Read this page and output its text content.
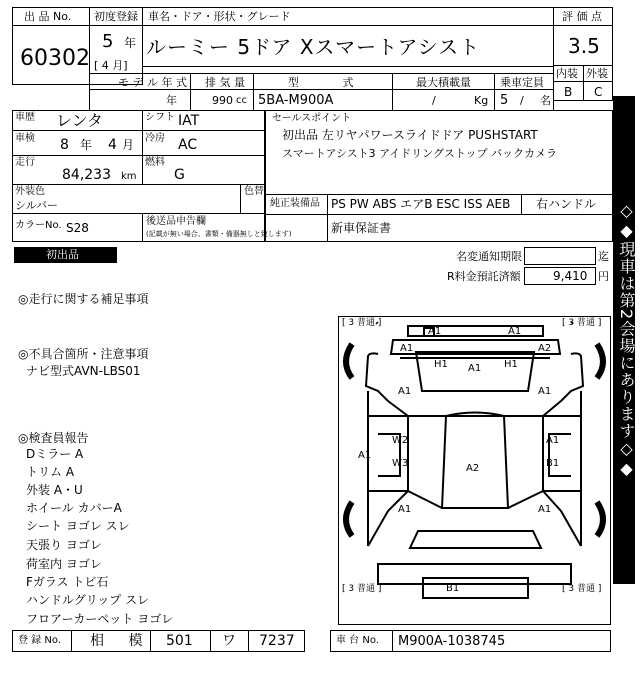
出 品 No.
60302
初度登録
5 年
[ 4 月]
車名・ドア・形状・グレード
ルーミー 5ドア Xスマートアシスト
評 価 点
3.5
内装 外装
B C
モ デ ル 年 式
年
排 気 量
990 cc
型 式
5BA-M900A
最大積載量
/	Kg
乗車定員
5 / 名
車歴 レンタ	シフト IAT
車検 8 年 4 月 冷房 AC
走行
84,233 km
燃料
G
外装色
シルバー
色替
カラーNo. S28	後送品申告欄
(記載が無い場合、書類・備器無しと致します)
セールスポイント
初出品 左リヤパワースライドドア PUSHSTART
スマートアシスト3 アイドリングストップ バックカメラ
純正装備品 PS PW ABS エアB ESC ISS AEB 右ハンドル
新車保証書
初出品	名変通知期限	迄
R料金預託済額	9,410 円
◎走行に関する補足事項
◎不具合箇所・注意事項
ナビ型式AVN-LBS01
◎検査員報告
Dミラー A
トリム A
外装 A・U
ホイール カバーA
シート ヨゴレ スレ
天張り ヨゴレ
荷室内 ヨゴレ
Fガラス トビ石
ハンドルグリップ スレ
フロアーカーペット ヨゴレ
[ 3 普通 ]	[ 3 普通 ]
[ 3 普通 ]	[ 3 普通 ]
A1	A1
A1	A2
H1	H1
A1
A1	A1
A1
W2
W3	A2
A1
B1
A1	A1
B1
◇◆現車は第2会場にあります◇◆
登 録 No. 相 模 501 ワ 7237	車 台 No. M900A-1038745
